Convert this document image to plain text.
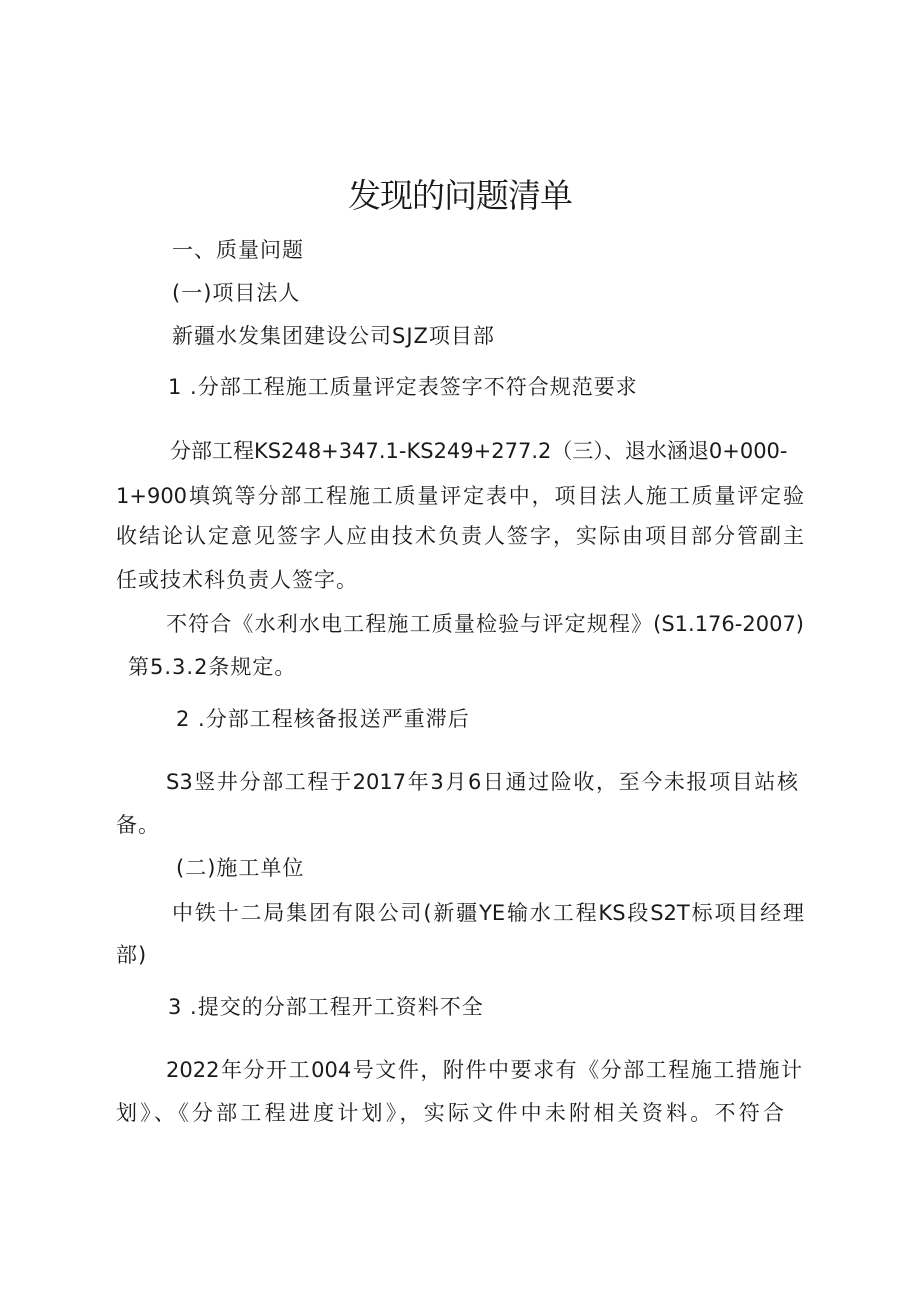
发现的问题清单

一、质量问题

(一)项目法人

新疆水发集团建设公司SJZ项目部

1 .分部工程施工质量评定表签字不符合规范要求

分部工程KS248+347.1-KS249+277.2（三）、退水涵退0+000-

1+900填筑等分部工程施工质量评定表中，项目法人施工质量评定验

收结论认定意见签字人应由技术负责人签字，实际由项目部分管副主

任或技术科负责人签字。

不符合《水利水电工程施工质量检验与评定规程》(S1.176-2007)

第5.3.2条规定。

2 .分部工程核备报送严重滞后

S3竖井分部工程于2017年3月6日通过险收，至今未报项目站核

备。

(二)施工单位

中铁十二局集团有限公司(新疆YE输水工程KS段S2T标项目经理

部)

3 .提交的分部工程开工资料不全

2022年分开工004号文件，附件中要求有《分部工程施工措施计

划》、《分部工程进度计划》，实际文件中未附相关资料。不符合
